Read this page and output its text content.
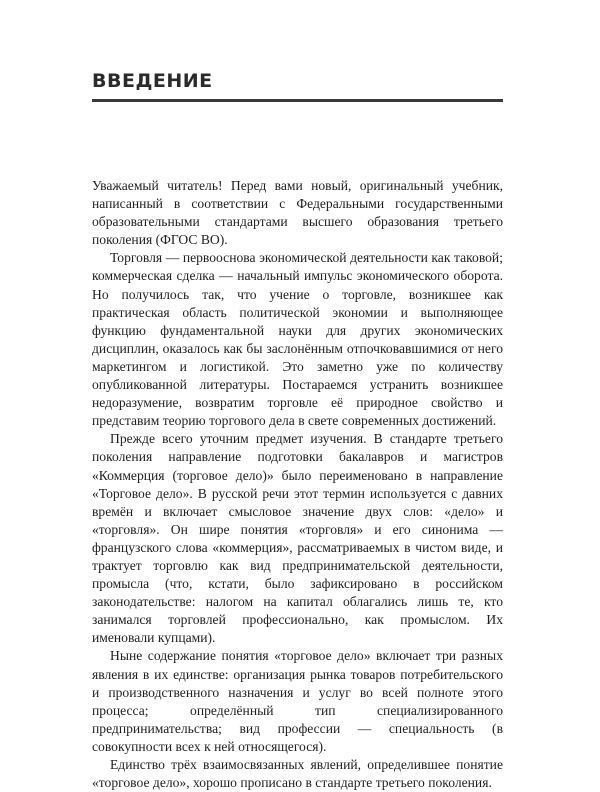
ВВЕДЕНИЕ

Уважаемый читатель! Перед вами новый, оригинальный учебник, написанный в соответствии с Федеральными государственными образовательными стандартами высшего образования третьего поколения (ФГОС ВО).

Торговля — первооснова экономической деятельности как таковой; коммерческая сделка — начальный импульс экономического оборота. Но получилось так, что учение о торговле, возникшее как практическая область политической экономии и выполняющее функцию фундаментальной науки для других экономических дисциплин, оказалось как бы заслонённым отпочковавшимися от него маркетингом и логистикой. Это заметно уже по количеству опубликованной литературы. Постараемся устранить возникшее недоразумение, возвратим торговле её природное свойство и представим теорию торгового дела в свете современных достижений.

Прежде всего уточним предмет изучения. В стандарте третьего поколения направление подготовки бакалавров и магистров «Коммерция (торговое дело)» было переименовано в направление «Торговое дело». В русской речи этот термин используется с давних времён и включает смысловое значение двух слов: «дело» и «торговля». Он шире понятия «торговля» и его синонима — французского слова «коммерция», рассматриваемых в чистом виде, и трактует торговлю как вид предпринимательской деятельности, промысла (что, кстати, было зафиксировано в российском законодательстве: налогом на капитал облагались лишь те, кто занимался торговлей профессионально, как промыслом. Их именовали купцами).

Ныне содержание понятия «торговое дело» включает три разных явления в их единстве: организация рынка товаров потребительского и производственного назначения и услуг во всей полноте этого процесса; определённый тип специализированного предпринимательства; вид профессии — специальность (в совокупности всех к ней относящегося).

Единство трёх взаимосвязанных явлений, определившее понятие «торговое дело», хорошо прописано в стандарте третьего поколения.
